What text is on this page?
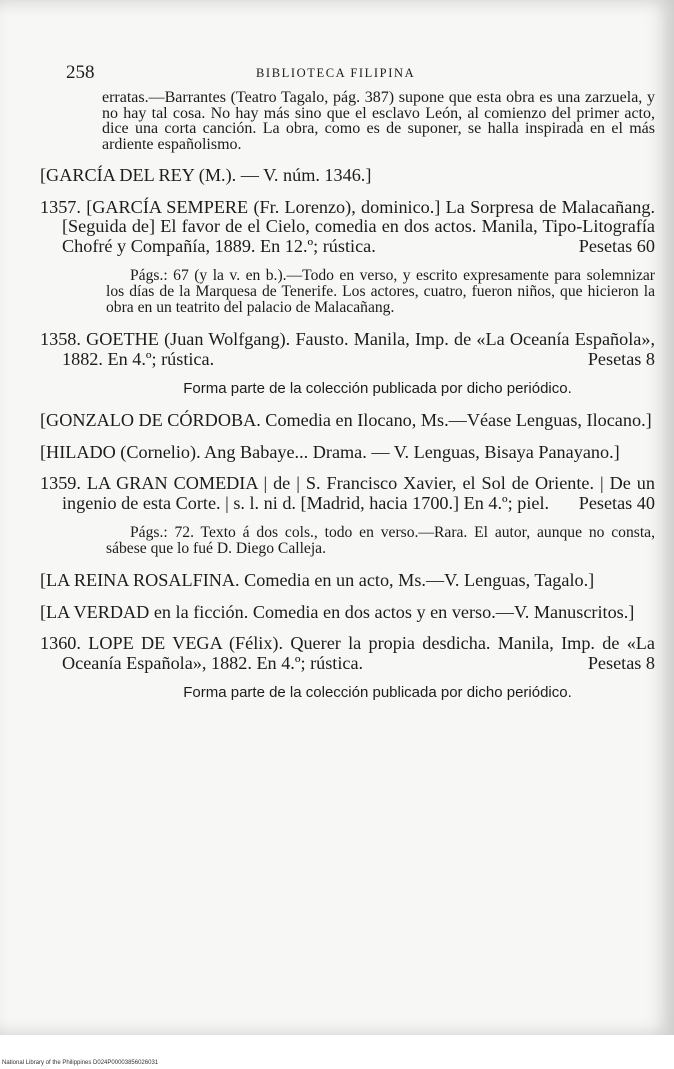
258	BIBLIOTECA FILIPINA
erratas.—Barrantes (Teatro Tagalo, pág. 387) supone que esta obra es una zarzuela, y no hay tal cosa. No hay más sino que el esclavo León, al comienzo del primer acto, dice una corta canción. La obra, como es de suponer, se halla inspirada en el más ardiente españolismo.
[GARCÍA DEL REY (M.). — V. núm. 1346.]
1357. [GARCÍA SEMPERE (Fr. Lorenzo), dominico.] La Sorpresa de Malacañang. [Seguida de] El favor de el Cielo, comedia en dos actos. Manila, Tipo-Litografía Chofré y Compañía, 1889. En 12.º; rústica.	Pesetas 60
Págs.: 67 (y la v. en b.).—Todo en verso, y escrito expresamente para solemnizar los días de la Marquesa de Tenerife. Los actores, cuatro, fueron niños, que hicieron la obra en un teatrito del palacio de Malacañang.
1358. GOETHE (Juan Wolfgang). Fausto. Manila, Imp. de «La Oceanía Española», 1882. En 4.º; rústica.	Pesetas 8
Forma parte de la colección publicada por dicho periódico.
[GONZALO DE CÓRDOBA. Comedia en Ilocano, Ms.—Véase Lenguas, Ilocano.]
[HILADO (Cornelio). Ang Babaye... Drama. — V. Lenguas, Bisaya Panayano.]
1359. LA GRAN COMEDIA | de | S. Francisco Xavier, el Sol de Oriente. | De un ingenio de esta Corte. | s. l. ni d. [Madrid, hacia 1700.] En 4.º; piel. Pesetas 40
Págs.: 72. Texto á dos cols., todo en verso.—Rara. El autor, aunque no consta, sábese que lo fué D. Diego Calleja.
[LA REINA ROSALFINA. Comedia en un acto, Ms.—V. Lenguas, Tagalo.]
[LA VERDAD en la ficción. Comedia en dos actos y en verso.—V. Manuscritos.]
1360. LOPE DE VEGA (Félix). Querer la propia desdicha. Manila, Imp. de «La Oceanía Española», 1882. En 4.º; rústica.	Pesetas 8
Forma parte de la colección publicada por dicho periódico.
National Library of the Philippines D024P00003856026031
